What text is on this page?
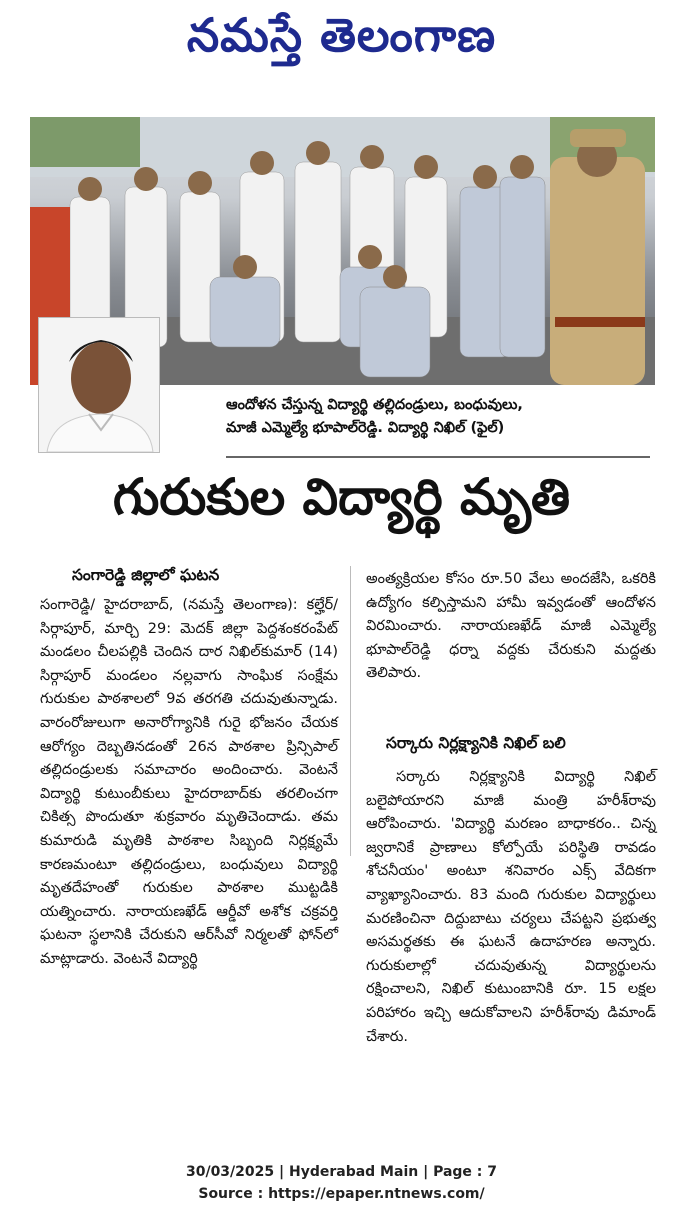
నమస్తే తెలంగాణ
ఆందోళన చేస్తున్న విద్యార్థి తల్లిదండ్రులు, బంధువులు,
మాజీ ఎమ్మెల్యే భూపాల్‌రెడ్డి. విద్యార్థి నిఖిల్ (ఫైల్)
గురుకుల విద్యార్థి మృతి
సంగారెడ్డి జిల్లాలో ఘటన

సంగారెడ్డి/ హైదరాబాద్, (నమస్తే తెలంగాణ): కల్హేర్/సిర్గాపూర్, మార్చి 29: మెదక్ జిల్లా పెద్దశంకరంపేట్ మండలం చీలపల్లికి చెందిన దార నిఖిల్‌కుమార్ (14) సిర్గాపూర్ మండలం నల్లవాగు సాంఘిక సంక్షేమ గురుకుల పాఠశాలలో 9వ తరగతి చదువుతున్నాడు. వారంరోజులుగా అనారోగ్యానికి గురై భోజనం చేయక ఆరోగ్యం దెబ్బతినడంతో 26న పాఠశాల ప్రిన్సిపాల్ తల్లిదండ్రులకు సమాచారం అందించారు. వెంటనే విద్యార్థి కుటుంబీకులు హైదరాబాద్‌కు తరలించగా చికిత్స పొందుతూ శుక్రవారం మృతిచెందాడు. తమ కుమారుడి మృతికి పాఠశాల సిబ్బంది నిర్లక్ష్యమే కారణమంటూ తల్లిదండ్రులు, బంధువులు విద్యార్థి మృతదేహంతో గురుకుల పాఠశాల ముట్టడికి యత్నించారు. నారాయణఖేడ్ ఆర్డీవో అశోక చక్రవర్తి ఘటనా స్థలానికి చేరుకుని ఆర్‌సీవో నిర్మలతో ఫోన్‌లో మాట్లాడారు. వెంటనే విద్యార్థి

అంత్యక్రియల కోసం రూ.50 వేలు అందజేసి, ఒకరికి ఉద్యోగం కల్పిస్తామని హామీ ఇవ్వడంతో ఆందోళన విరమించారు. నారాయణఖేడ్ మాజీ ఎమ్మెల్యే భూపాల్‌రెడ్డి ధర్నా వద్దకు చేరుకుని మద్దతు తెలిపారు.

సర్కారు నిర్లక్ష్యానికి నిఖిల్ బలి

సర్కారు నిర్లక్ష్యానికి విద్యార్థి నిఖిల్ బలైపోయారని మాజీ మంత్రి హరీశ్‌రావు ఆరోపించారు. 'విద్యార్థి మరణం బాధాకరం.. చిన్న జ్వరానికే ప్రాణాలు కోల్పోయే పరిస్థితి రావడం శోచనీయం' అంటూ శనివారం ఎక్స్ వేదికగా వ్యాఖ్యానించారు. 83 మంది గురుకుల విద్యార్థులు మరణించినా దిద్దుబాటు చర్యలు చేపట్టని ప్రభుత్వ అసమర్థతకు ఈ ఘటనే ఉదాహరణ అన్నారు. గురుకులాల్లో చదువుతున్న విద్యార్థులను రక్షించాలని, నిఖిల్ కుటుంబానికి రూ. 15 లక్షల పరిహారం ఇచ్చి ఆదుకోవాలని హరీశ్‌రావు డిమాండ్ చేశారు.

30/03/2025 | Hyderabad Main | Page : 7
Source : https://epaper.ntnews.com/
